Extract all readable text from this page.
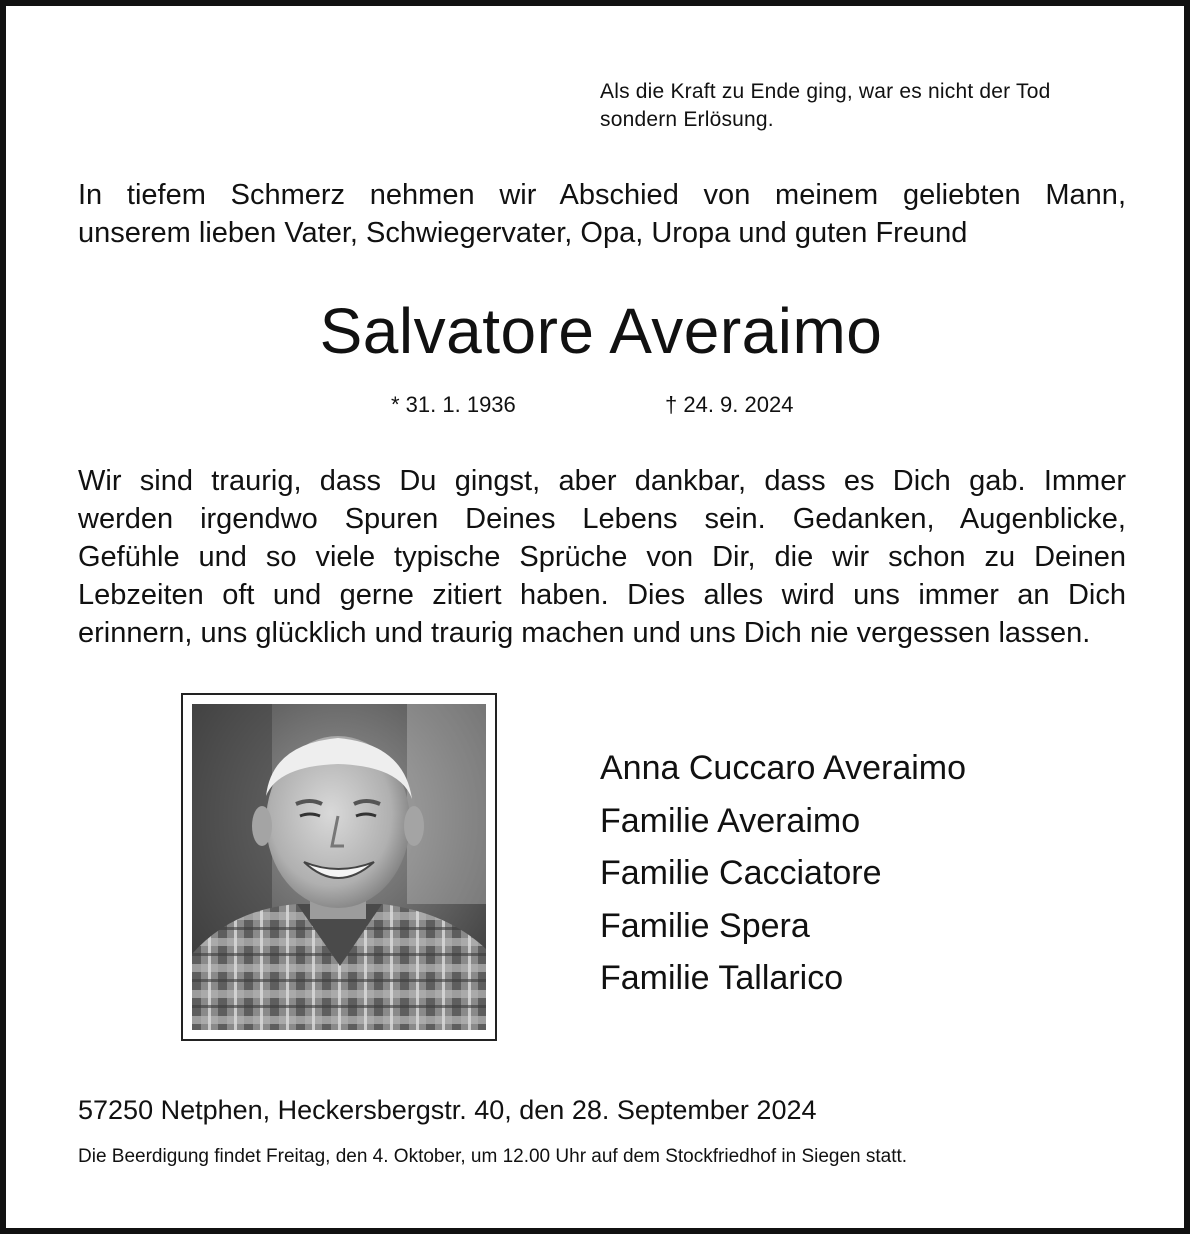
Als die Kraft zu Ende ging, war es nicht der Tod
sondern Erlösung.
In tiefem Schmerz nehmen wir Abschied von meinem geliebten Mann,
unserem lieben Vater, Schwiegervater, Opa, Uropa und guten Freund
Salvatore Averaimo
* 31. 1. 1936	† 24. 9. 2024
Wir sind traurig, dass Du gingst, aber dankbar, dass es Dich gab. Immer
werden irgendwo Spuren Deines Lebens sein. Gedanken, Augenblicke,
Gefühle und so viele typische Sprüche von Dir, die wir schon zu Deinen
Lebzeiten oft und gerne zitiert haben. Dies alles wird uns immer an Dich
erinnern, uns glücklich und traurig machen und uns Dich nie vergessen lassen.
Anna Cuccaro Averaimo
Familie Averaimo
Familie Cacciatore
Familie Spera
Familie Tallarico
57250 Netphen, Heckersbergstr. 40, den 28. September 2024
Die Beerdigung findet Freitag, den 4. Oktober, um 12.00 Uhr auf dem Stockfriedhof in Siegen statt.
